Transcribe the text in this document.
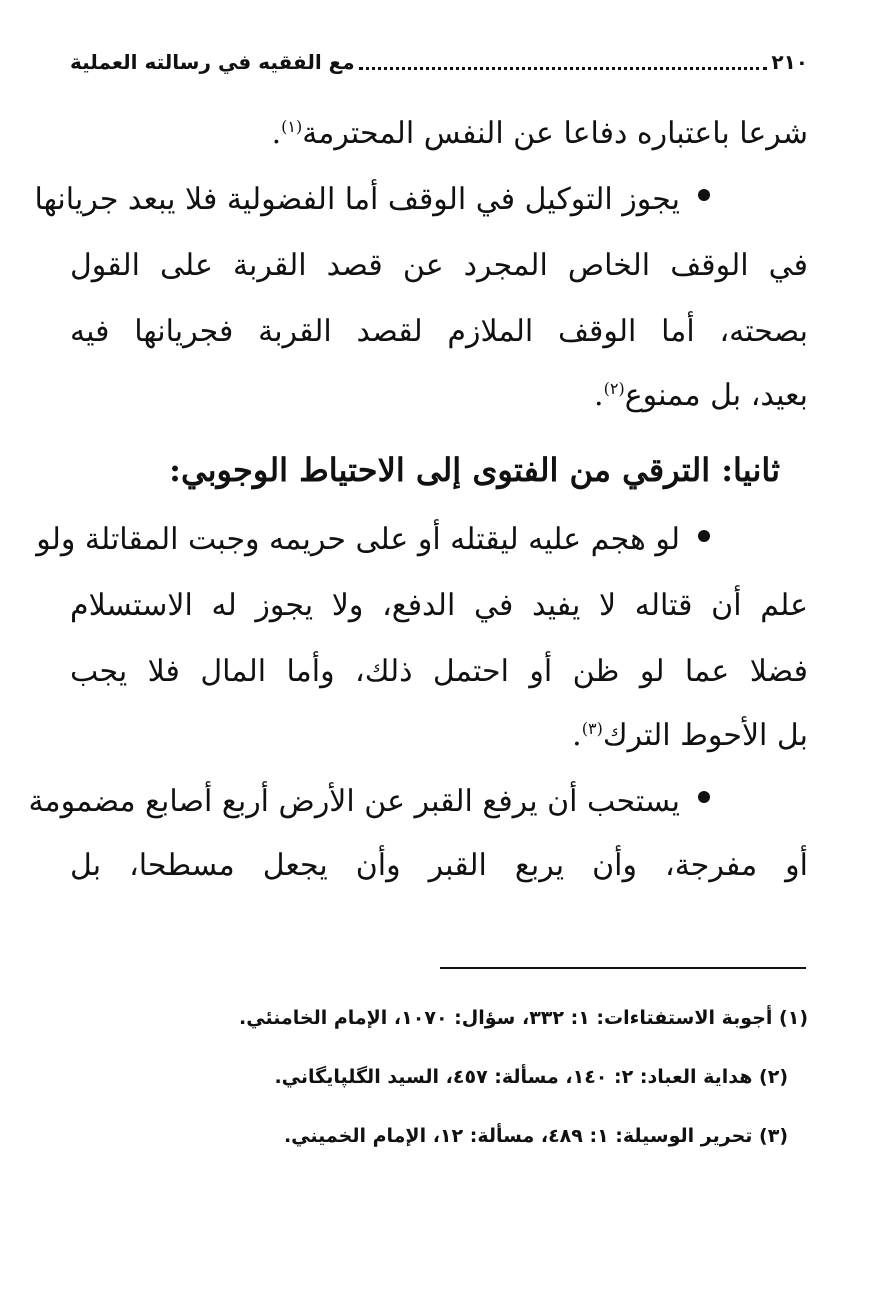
٢١٠
مع الفقيه في رسالته العملية
شرعا باعتباره دفاعا عن النفس المحترمة$^{(١)}$.
يجوز التوكيل في الوقف أما الفضولية فلا يبعد جريانها
في الوقف الخاص المجرد عن قصد القربة على القول
بصحته، أما الوقف الملازم لقصد القربة فجريانها فيه
بعيد، بل ممنوع$^{(٢)}$.
ثانيا: الترقي من الفتوى إلى الاحتياط الوجوبي:
لو هجم عليه ليقتله أو على حريمه وجبت المقاتلة ولو
علم أن قتاله لا يفيد في الدفع، ولا يجوز له الاستسلام
فضلا عما لو ظن أو احتمل ذلك، وأما المال فلا يجب
بل الأحوط الترك$^{(٣)}$.
يستحب أن يرفع القبر عن الأرض أربع أصابع مضمومة
أو مفرجة، وأن يربع القبر وأن يجعل مسطحا، بل
(١) أجوبة الاستفتاءات: ١: ٣٣٢، سؤال: ١٠٧٠، الإمام الخامنئي.
(٢) هداية العباد: ٢: ١٤٠، مسألة: ٤٥٧، السيد الگلپايگاني.
(٣) تحرير الوسيلة: ١: ٤٨٩، مسألة: ١٢، الإمام الخميني.
